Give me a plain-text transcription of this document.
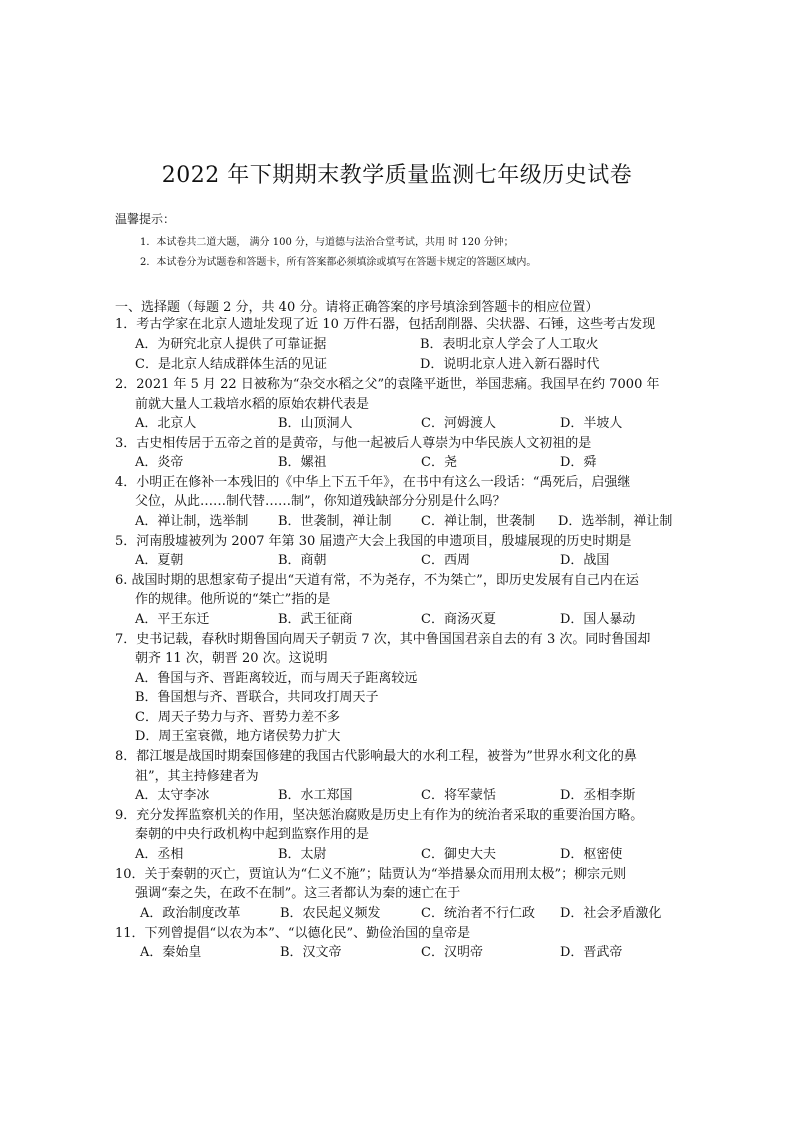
2022 年下期期末教学质量监测七年级历史试卷
温馨提示：
1．本试卷共二道大题， 满分 100 分，与道德与法治合堂考试，共用 时 120 分钟；
2．本试卷分为试题卷和答题卡，所有答案都必须填涂或填写在答题卡规定的答题区域内。
一、选择题（每题 2 分，共 40 分。请将正确答案的序号填涂到答题卡的相应位置）
1．考古学家在北京人遗址发现了近 10 万件石器，包括刮削器、尖状器、石锤，这些考古发现
A．为研究北京人提供了可靠证据	B．表明北京人学会了人工取火
C．是北京人结成群体生活的见证	D．说明北京人进入新石器时代
2．2021 年 5 月 22 日被称为“杂交水稻之父”的袁隆平逝世，举国悲痛。我国早在约 7000 年
前就大量人工栽培水稻的原始农耕代表是
A．北京人	B．山顶洞人	C．河姆渡人	D．半坡人
3．古史相传居于五帝之首的是黄帝，与他一起被后人尊崇为中华民族人文初祖的是
A．炎帝	B．嫘祖	C．尧	D．舜
4．小明正在修补一本残旧的《中华上下五千年》，在书中有这么一段话：“禹死后，启强继
父位，从此……制代替……制”，你知道残缺部分分别是什么吗？
A．禅让制，选举制 B．世袭制，禅让制 C．禅让制，世袭制 D．选举制，禅让制
5．河南殷墟被列为 2007 年第 30 届遗产大会上我国的申遗项目，殷墟展现的历史时期是
A．夏朝	B．商朝	C．西周	D．战国
6. 战国时期的思想家荀子提出“天道有常，不为尧存，不为桀亡”，即历史发展有自己内在运
作的规律。他所说的“桀亡”指的是
A．平王东迁	B．武王征商	C．商汤灭夏	D．国人暴动
7．史书记载，春秋时期鲁国向周天子朝贡 7 次，其中鲁国国君亲自去的有 3 次。同时鲁国却
朝齐 11 次，朝晋 20 次。这说明
A．鲁国与齐、晋距离较近，而与周天子距离较远
B．鲁国想与齐、晋联合，共同攻打周天子
C．周天子势力与齐、晋势力差不多
D．周王室衰微，地方诸侯势力扩大
8．都江堰是战国时期秦国修建的我国古代影响最大的水利工程，被誉为”世界水利文化的鼻
祖”，其主持修建者为
A．太守李冰	B．水工郑国	C．将军蒙恬	D．丞相李斯
9．充分发挥监察机关的作用，坚决惩治腐败是历史上有作为的统治者采取的重要治国方略。
秦朝的中央行政机构中起到监察作用的是
A．丞相	B．太尉	C．御史大夫	D．枢密使
10．关于秦朝的灭亡，贾谊认为“仁义不施”；陆贾认为“举措暴众而用刑太极”；柳宗元则
强调“秦之失，在政不在制”。这三者都认为秦的速亡在于
A．政治制度改革	B．农民起义频发	C．统治者不行仁政 D．社会矛盾激化
11．下列曾提倡“以农为本”、“以德化民”、勤俭治国的皇帝是
A．秦始皇	B．汉文帝	C．汉明帝	D．晋武帝
